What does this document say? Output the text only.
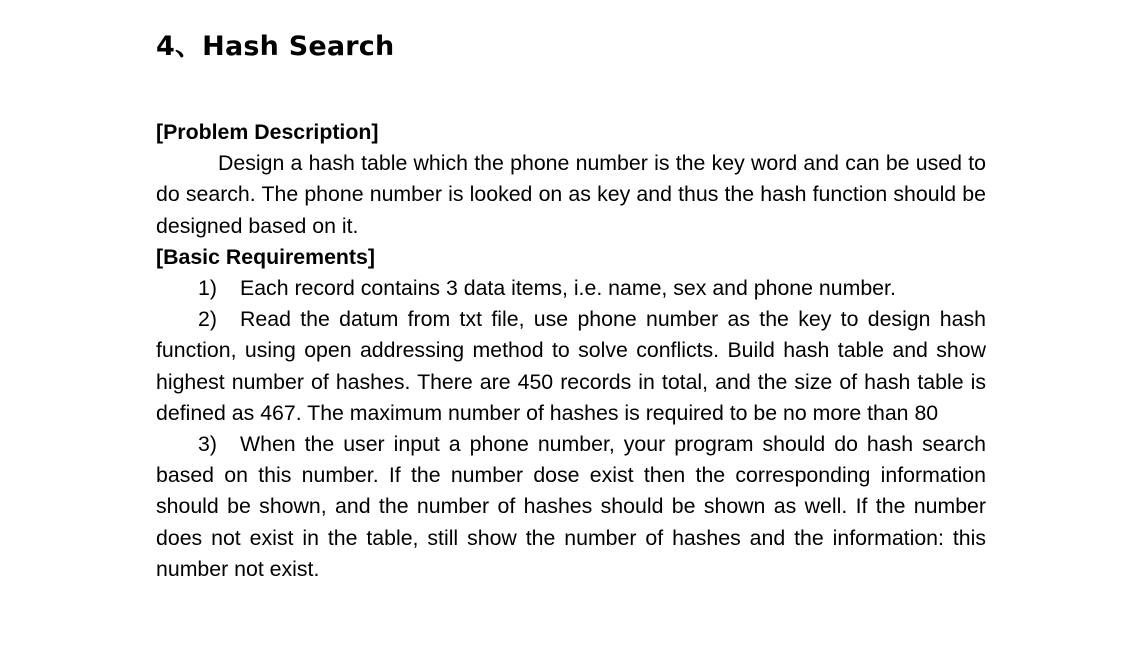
4、Hash Search

[Problem Description]

Design a hash table which the phone number is the key word and can be used to do search. The phone number is looked on as key and thus the hash function should be designed based on it.

[Basic Requirements]

1) Each record contains 3 data items, i.e. name, sex and phone number.

2) Read the datum from txt file, use phone number as the key to design hash function, using open addressing method to solve conflicts. Build hash table and show highest number of hashes. There are 450 records in total, and the size of hash table is defined as 467. The maximum number of hashes is required to be no more than 80

3) When the user input a phone number, your program should do hash search based on this number. If the number dose exist then the corresponding information should be shown, and the number of hashes should be shown as well. If the number does not exist in the table, still show the number of hashes and the information: this number not exist.
